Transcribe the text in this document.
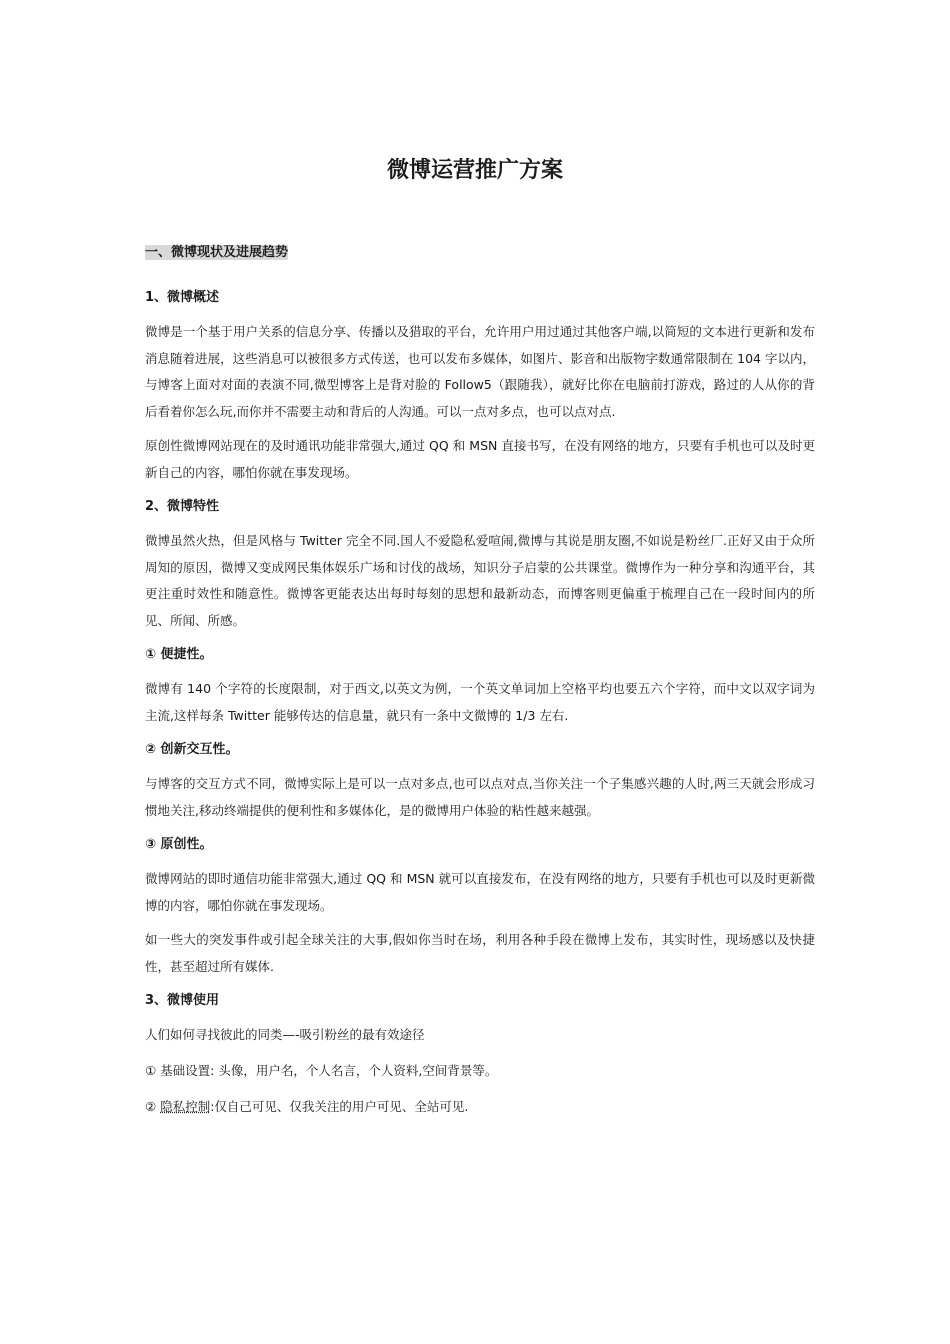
微博运营推广方案

一、微博现状及进展趋势

1、微博概述

微博是一个基于用户关系的信息分享、传播以及猎取的平台，允许用户用过通过其他客户端,以简短的文本进行更新和发布消息随着进展，这些消息可以被很多方式传送，也可以发布多媒体，如图片、影音和出版物字数通常限制在 104 字以内，与博客上面对对面的表演不同,微型博客上是背对脸的 Follow5（跟随我），就好比你在电脑前打游戏，路过的人从你的背后看着你怎么玩,而你并不需要主动和背后的人沟通。可以一点对多点，也可以点对点.

原创性微博网站现在的及时通讯功能非常强大,通过 QQ 和 MSN 直接书写，在没有网络的地方，只要有手机也可以及时更新自己的内容，哪怕你就在事发现场。

2、微博特性

微博虽然火热，但是风格与 Twitter 完全不同.国人不爱隐私爱喧闹,微博与其说是朋友圈,不如说是粉丝厂.正好又由于众所周知的原因，微博又变成网民集体娱乐广场和讨伐的战场，知识分子启蒙的公共课堂。微博作为一种分享和沟通平台，其更注重时效性和随意性。微博客更能表达出每时每刻的思想和最新动态，而博客则更偏重于梳理自己在一段时间内的所见、所闻、所感。

① 便捷性。

微博有 140 个字符的长度限制，对于西文,以英文为例，一个英文单词加上空格平均也要五六个字符，而中文以双字词为主流,这样每条 Twitter 能够传达的信息量，就只有一条中文微博的 1/3 左右.

② 创新交互性。

与博客的交互方式不同，微博实际上是可以一点对多点,也可以点对点,当你关注一个子集感兴趣的人时,两三天就会形成习惯地关注,移动终端提供的便利性和多媒体化，是的微博用户体验的粘性越来越强。

③ 原创性。

微博网站的即时通信功能非常强大,通过 QQ 和 MSN 就可以直接发布，在没有网络的地方，只要有手机也可以及时更新微博的内容，哪怕你就在事发现场。

如一些大的突发事件或引起全球关注的大事,假如你当时在场，利用各种手段在微博上发布，其实时性，现场感以及快捷性，甚至超过所有媒体.

3、微博使用

人们如何寻找彼此的同类—-吸引粉丝的最有效途径

① 基础设置: 头像，用户名，个人名言，个人资料,空间背景等。

② 隐私控制:仅自己可见、仅我关注的用户可见、全站可见.
